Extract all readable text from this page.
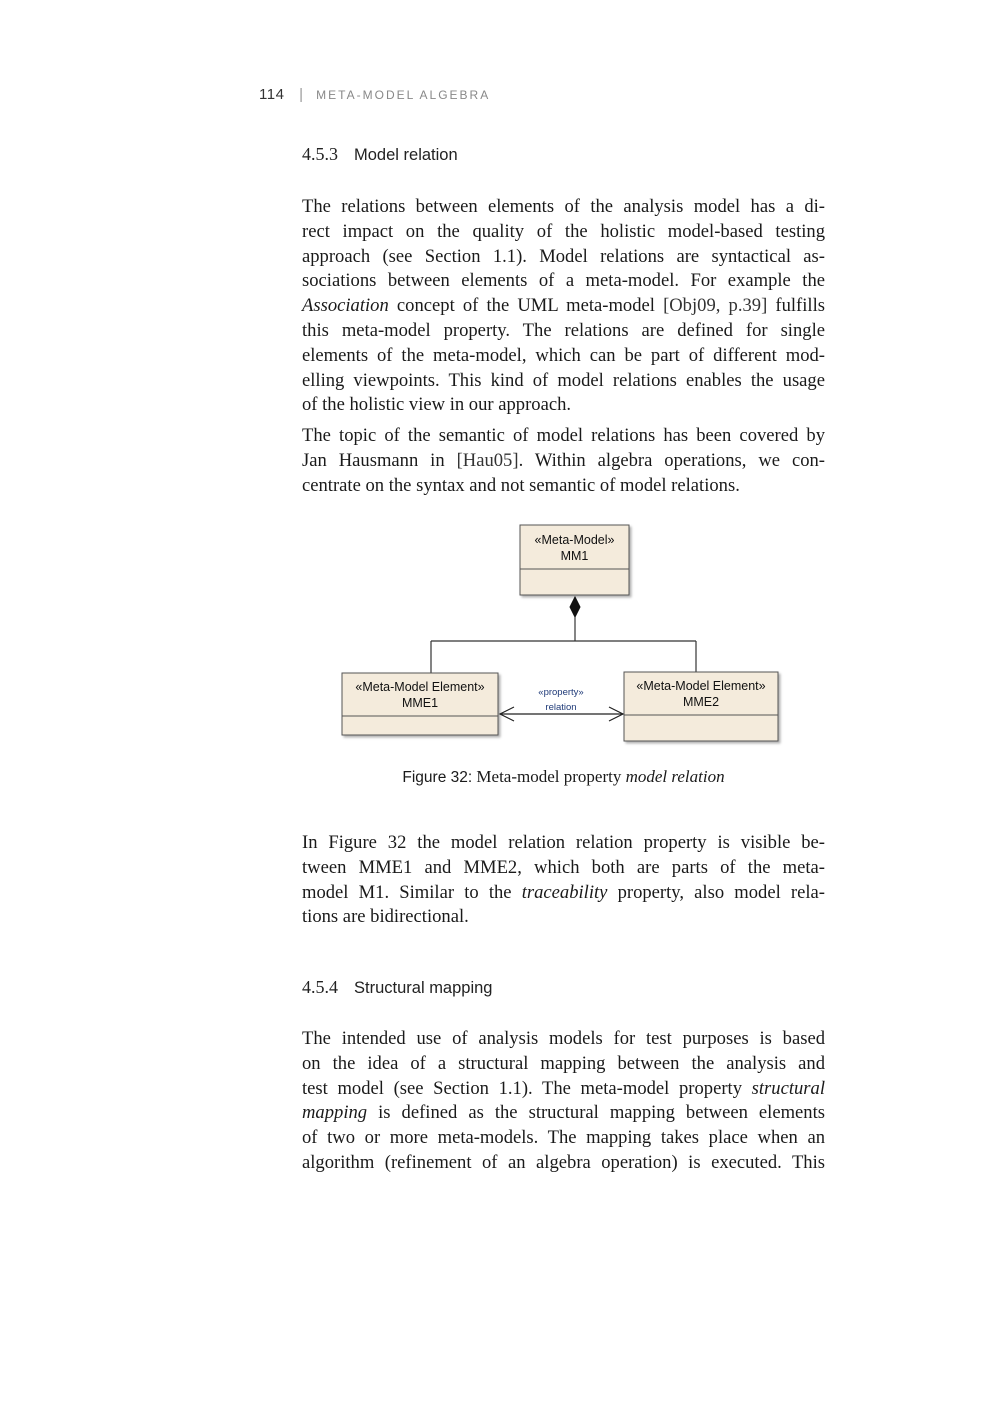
114 | META-MODEL ALGEBRA
4.5.3 Model relation
The relations between elements of the analysis model has a di-
rect impact on the quality of the holistic model-based testing
approach (see Section 1.1). Model relations are syntactical as-
sociations between elements of a meta-model. For example the
Association concept of the UML meta-model [Obj09, p.39] fulfills
this meta-model property. The relations are defined for single
elements of the meta-model, which can be part of different mod-
elling viewpoints. This kind of model relations enables the usage
of the holistic view in our approach.
The topic of the semantic of model relations has been covered by
Jan Hausmann in [Hau05]. Within algebra operations, we con-
centrate on the syntax and not semantic of model relations.
«Meta-Model»
MM1
«Meta-Model Element»
MME1
«Meta-Model Element»
MME2
«property»
relation
Figure 32: Meta-model property model relation
In Figure 32 the model relation relation property is visible be-
tween MME1 and MME2, which both are parts of the meta-
model M1. Similar to the traceability property, also model rela-
tions are bidirectional.
4.5.4 Structural mapping
The intended use of analysis models for test purposes is based
on the idea of a structural mapping between the analysis and
test model (see Section 1.1). The meta-model property structural
mapping is defined as the structural mapping between elements
of two or more meta-models. The mapping takes place when an
algorithm (refinement of an algebra operation) is executed. This
